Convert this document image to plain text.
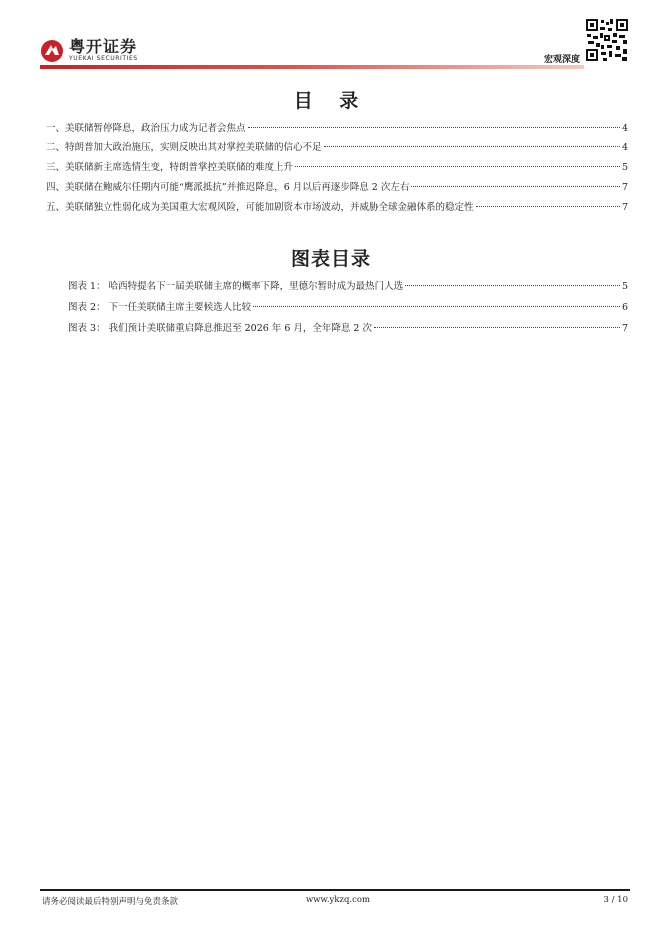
粤开证券
YUEKAI SECURITIES	宏观深度
目 录
一、美联储暂停降息，政治压力成为记者会焦点	4
二、特朗普加大政治施压，实则反映出其对掌控美联储的信心不足	4
三、美联储新主席选情生变，特朗普掌控美联储的难度上升	5
四、美联储在鲍威尔任期内可能“鹰派抵抗”并推迟降息，6 月以后再逐步降息 2 次左右	7
五、美联储独立性弱化成为美国重大宏观风险，可能加剧资本市场波动，并威胁全球金融体系的稳定性	7
图表目录
图表 1： 哈西特提名下一届美联储主席的概率下降，里德尔暂时成为最热门人选	5
图表 2： 下一任美联储主席主要候选人比较	6
图表 3： 我们预计美联储重启降息推迟至 2026 年 6 月，全年降息 2 次	7
请务必阅读最后特别声明与免责条款	www.ykzq.com	3 / 10
